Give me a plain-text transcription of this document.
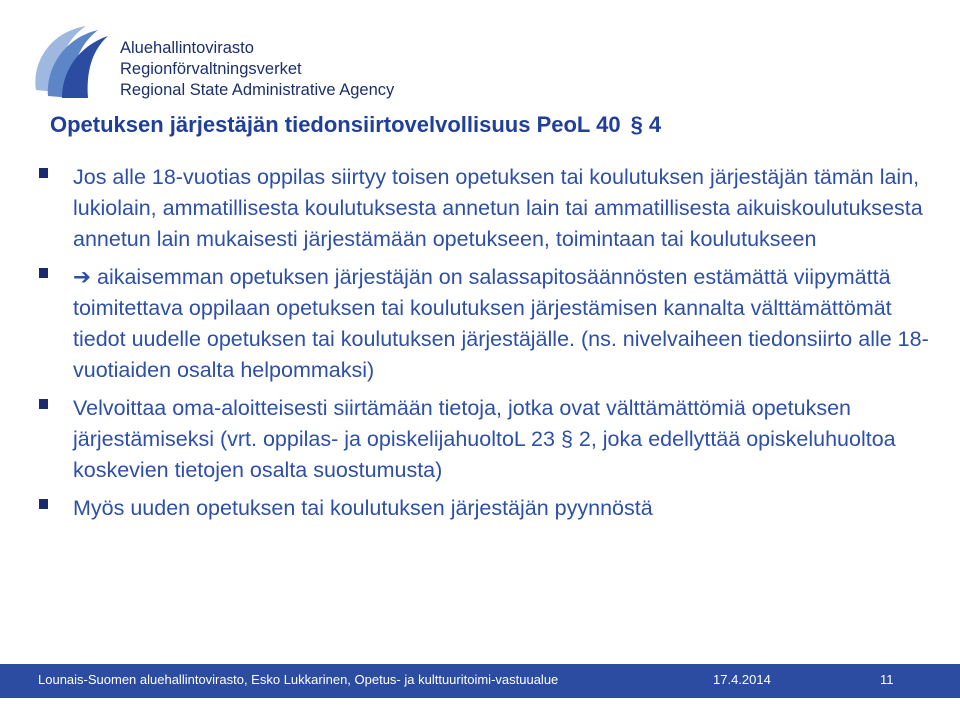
Aluehallintovirasto
Regionförvaltningsverket
Regional State Administrative Agency
Opetuksen järjestäjän tiedonsiirtovelvollisuus PeoL 40 § 4
Jos alle 18-vuotias oppilas siirtyy toisen opetuksen tai koulutuksen järjestäjän tämän lain, lukiolain, ammatillisesta koulutuksesta annetun lain tai ammatillisesta aikuiskoulutuksesta annetun lain mukaisesti järjestämään opetukseen, toimintaan tai koulutukseen
➔ aikaisemman opetuksen järjestäjän on salassapitosäännösten estämättä viipymättä toimitettava oppilaan opetuksen tai koulutuksen järjestämisen kannalta välttämättömät tiedot uudelle opetuksen tai koulutuksen järjestäjälle. (ns. nivelvaiheen tiedonsiirto alle 18-vuotiaiden osalta helpommaksi)
Velvoittaa oma-aloitteisesti siirtämään tietoja, jotka ovat välttämättömiä opetuksen järjestämiseksi (vrt. oppilas- ja opiskelijahuoltoL 23 § 2, joka edellyttää opiskeluhuoltoa koskevien tietojen osalta suostumusta)
Myös uuden opetuksen tai koulutuksen järjestäjän pyynnöstä
Lounais-Suomen aluehallintovirasto, Esko Lukkarinen, Opetus- ja kulttuuritoimi-vastuualue	17.4.2014	11
